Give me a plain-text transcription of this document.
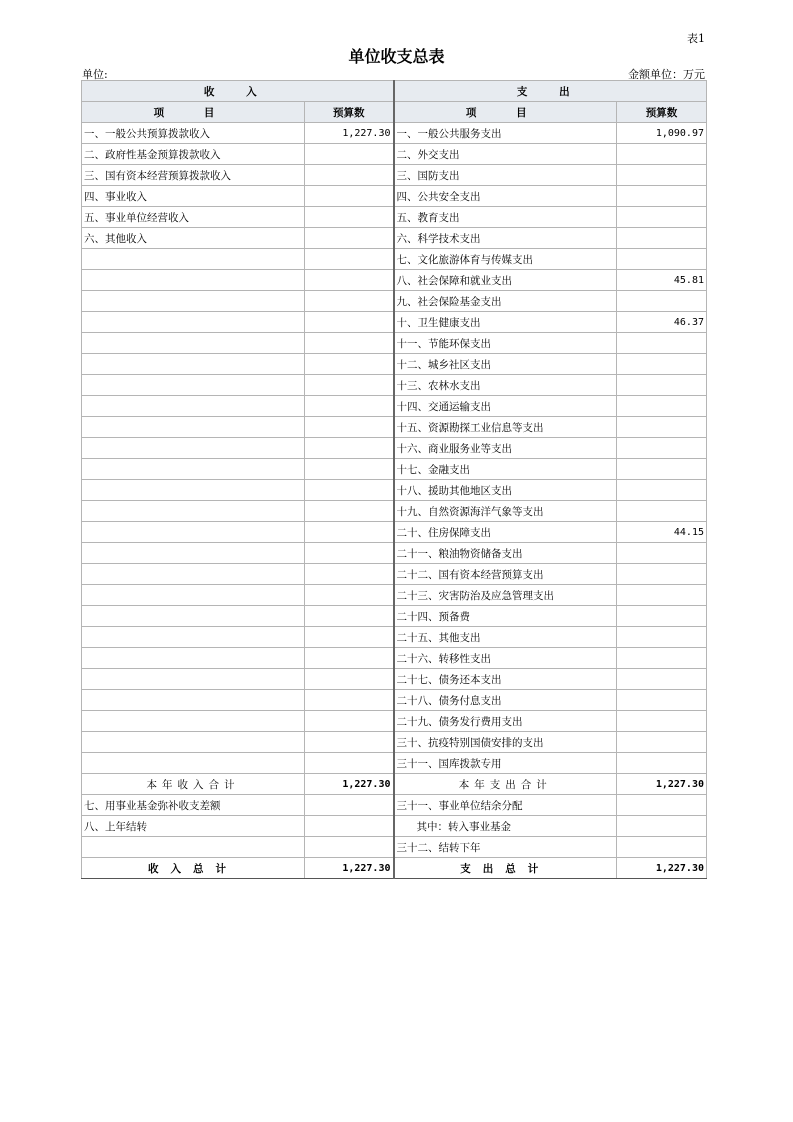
表1
单位收支总表
单位:	金额单位：万元
收 入		支 出	
项 目	预算数	项 目	预算数
一、一般公共预算拨款收入	1,227.30	一、一般公共服务支出	1,090.97
二、政府性基金预算拨款收入		二、外交支出	
三、国有资本经营预算拨款收入		三、国防支出	
四、事业收入		四、公共安全支出	
五、事业单位经营收入		五、教育支出	
六、其他收入		六、科学技术支出	
		七、文化旅游体育与传媒支出	
		八、社会保障和就业支出	45.81
		九、社会保险基金支出	
		十、卫生健康支出	46.37
		十一、节能环保支出	
		十二、城乡社区支出	
		十三、农林水支出	
		十四、交通运输支出	
		十五、资源勘探工业信息等支出	
		十六、商业服务业等支出	
		十七、金融支出	
		十八、援助其他地区支出	
		十九、自然资源海洋气象等支出	
		二十、住房保障支出	44.15
		二十一、粮油物资储备支出	
		二十二、国有资本经营预算支出	
		二十三、灾害防治及应急管理支出	
		二十四、预备费	
		二十五、其他支出	
		二十六、转移性支出	
		二十七、债务还本支出	
		二十八、债务付息支出	
		二十九、债务发行费用支出	
		三十、抗疫特别国债安排的支出	
		三十一、国库拨款专用	
本年收入合计	1,227.30	本年支出合计	1,227.30
七、用事业基金弥补收支差额		三十一、事业单位结余分配	
八、上年结转		其中：转入事业基金	
		三十二、结转下年	
收入总计	1,227.30	支出总计	1,227.30
